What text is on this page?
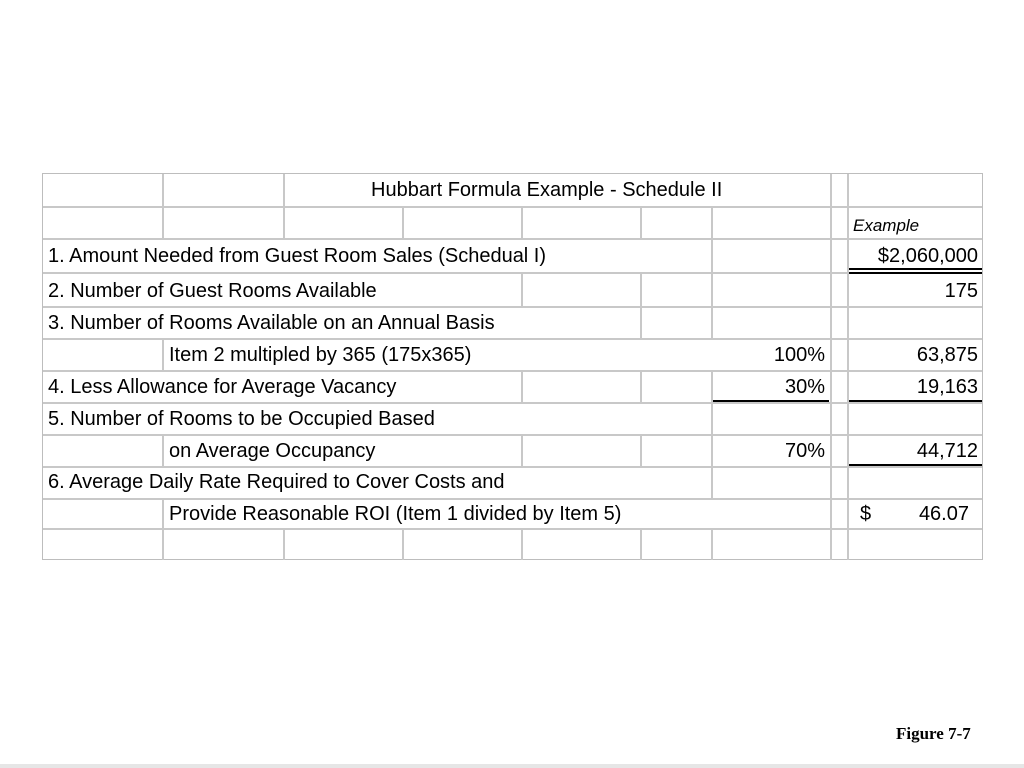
Hubbart Formula Example - Schedule II
Example
1. Amount Needed from Guest Room Sales (Schedual I)	$2,060,000
2. Number of Guest Rooms Available	175
3. Number of Rooms Available on an Annual Basis
Item 2 multipled by 365 (175x365)	100%	63,875
4. Less Allowance for Average Vacancy	30%	19,163
5. Number of Rooms to be Occupied Based
on Average Occupancy	70%	44,712
6. Average Daily Rate Required to Cover Costs and
Provide Reasonable ROI (Item 1 divided by Item 5)	$	46.07
Figure 7-7
